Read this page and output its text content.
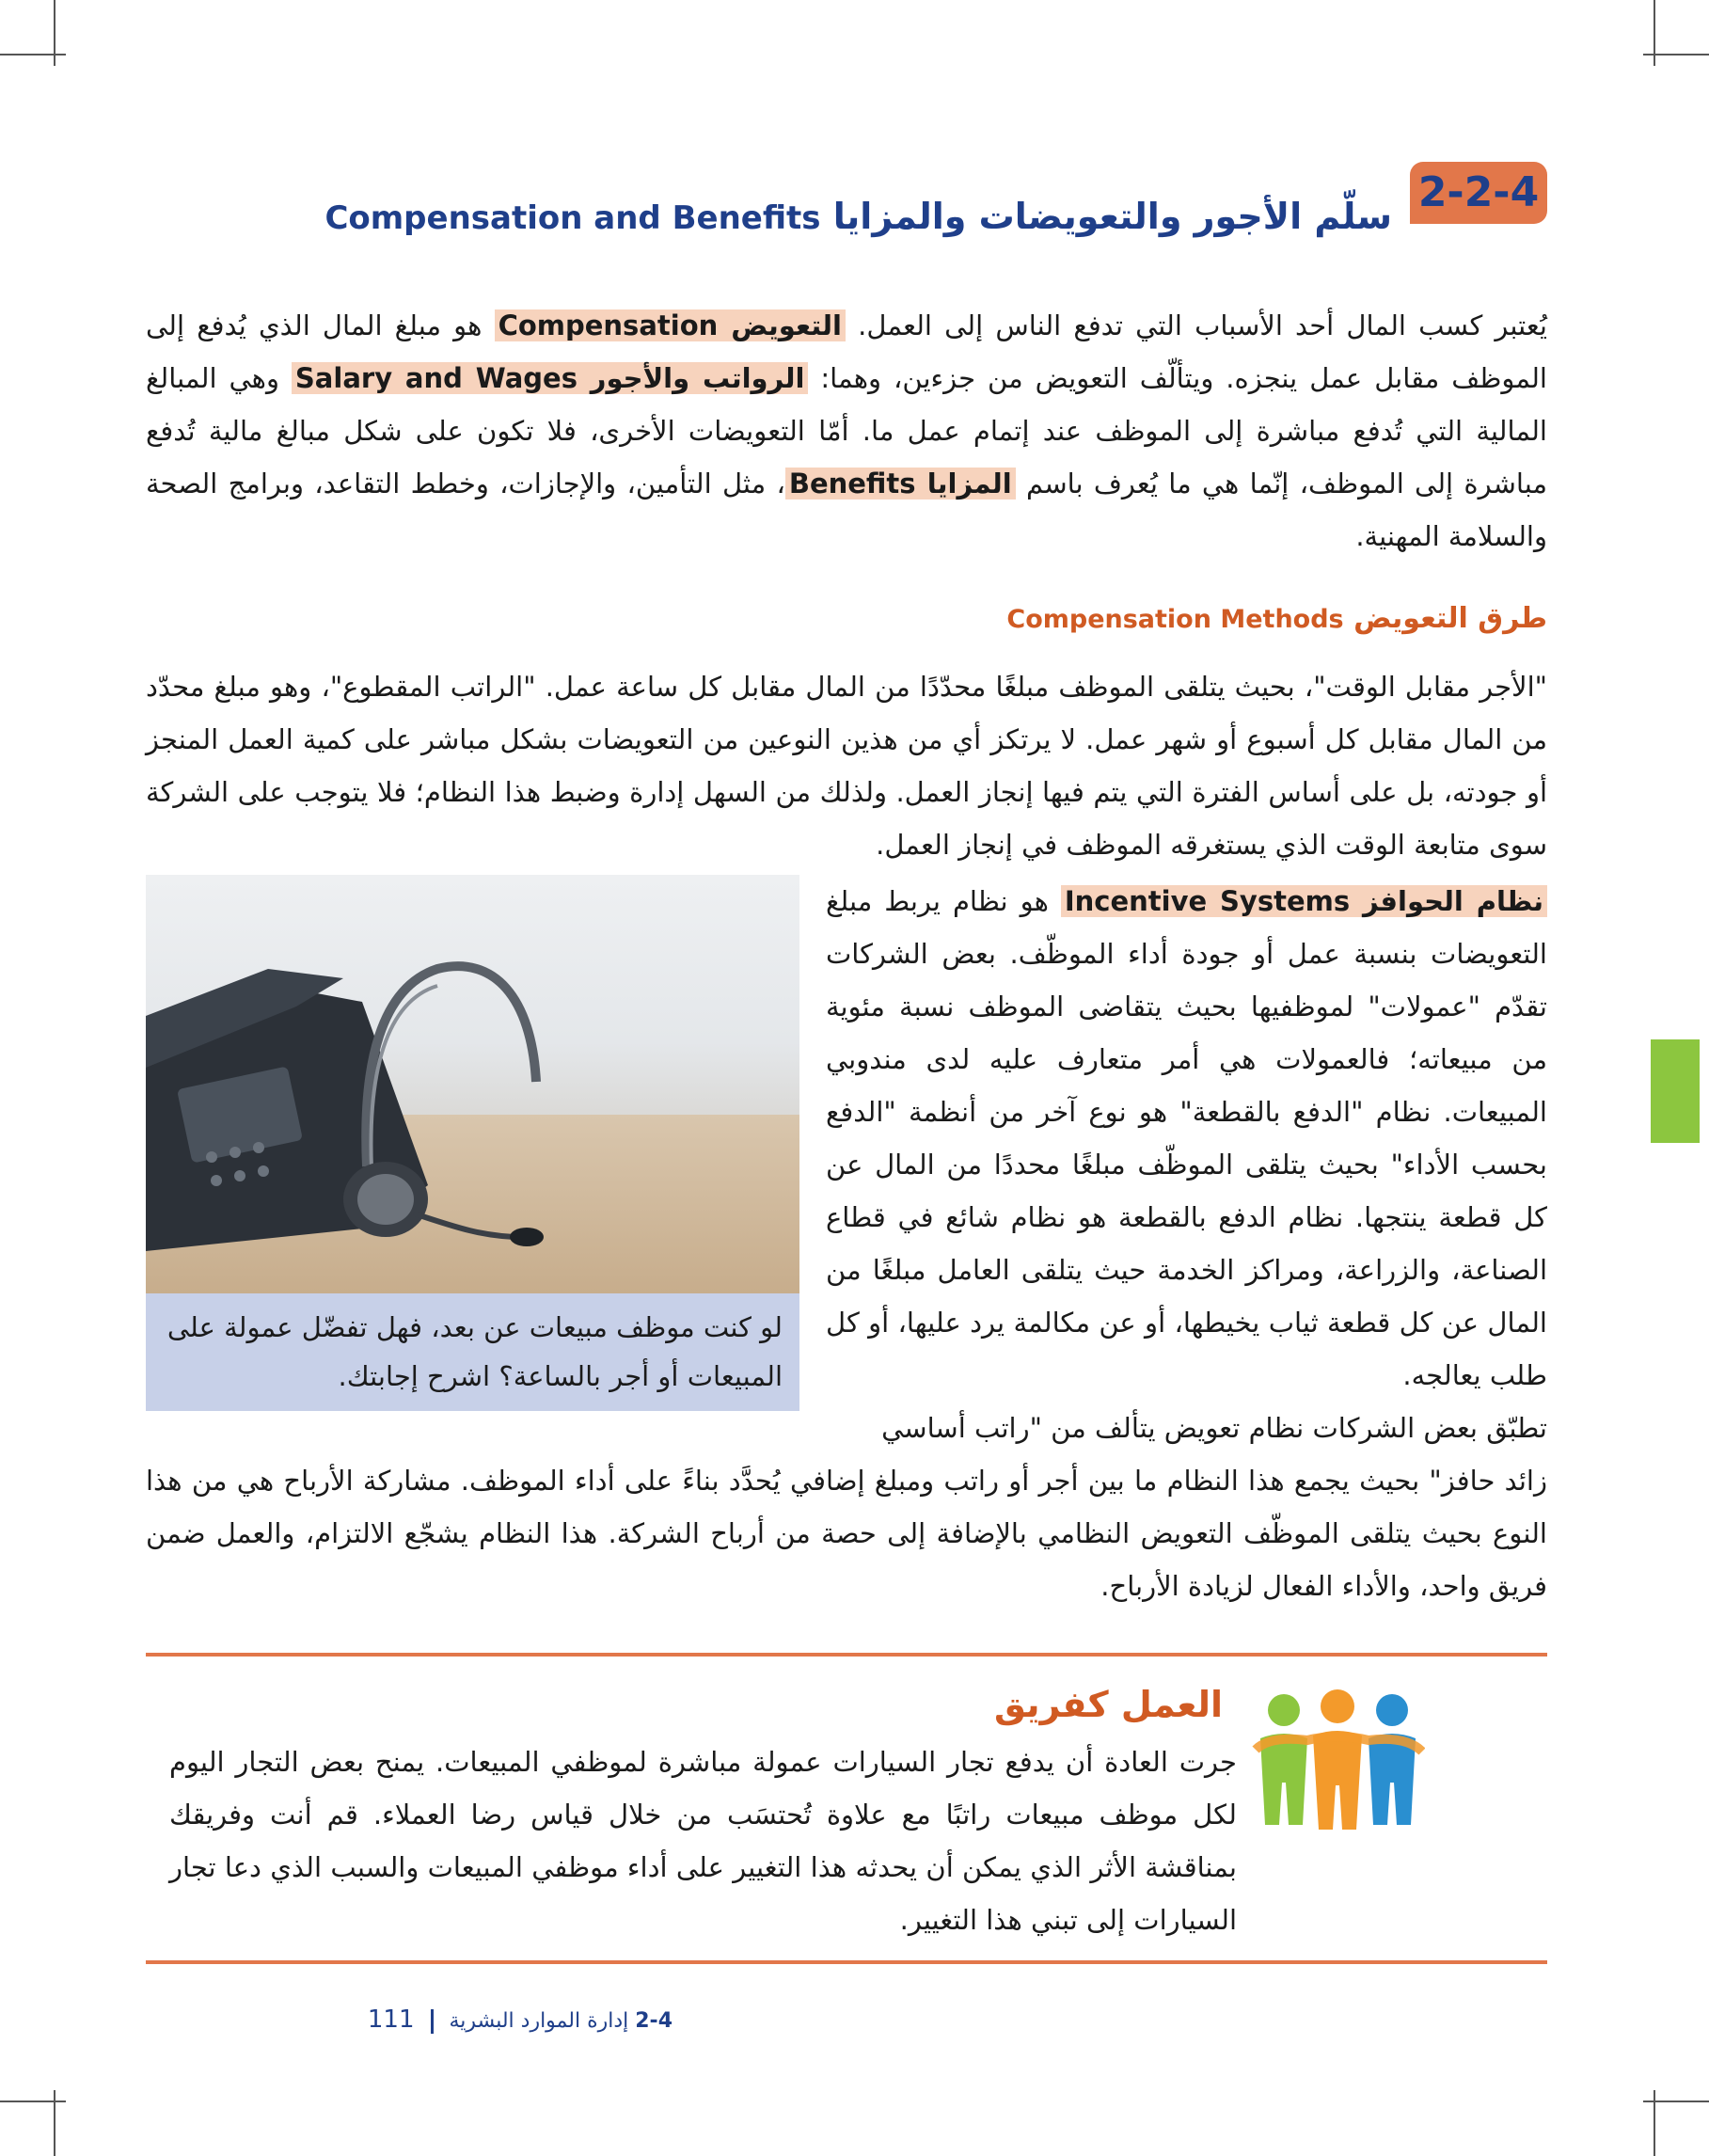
2-2-4
سلّم الأجور والتعويضات والمزايا Compensation and Benefits
يُعتبر كسب المال أحد الأسباب التي تدفع الناس إلى العمل. التعويض Compensation هو مبلغ المال الذي يُدفع إلى الموظف مقابل عمل ينجزه. ويتألّف التعويض من جزءين، وهما: الرواتب والأجور Salary and Wages وهي المبالغ المالية التي تُدفع مباشرة إلى الموظف عند إتمام عمل ما. أمّا التعويضات الأخرى، فلا تكون على شكل مبالغ مالية تُدفع مباشرة إلى الموظف، إنّما هي ما يُعرف باسم المزايا Benefits، مثل التأمين، والإجازات، وخطط التقاعد، وبرامج الصحة والسلامة المهنية.
طرق التعويض Compensation Methods
"الأجر مقابل الوقت"، بحيث يتلقى الموظف مبلغًا محدّدًا من المال مقابل كل ساعة عمل. "الراتب المقطوع"، وهو مبلغ محدّد من المال مقابل كل أسبوع أو شهر عمل. لا يرتكز أي من هذين النوعين من التعويضات بشكل مباشر على كمية العمل المنجز أو جودته، بل على أساس الفترة التي يتم فيها إنجاز العمل. ولذلك من السهل إدارة وضبط هذا النظام؛ فلا يتوجب على الشركة سوى متابعة الوقت الذي يستغرقه الموظف في إنجاز العمل.
لو كنت موظف مبيعات عن بعد، فهل تفضّل عمولة على المبيعات أو أجر بالساعة؟ اشرح إجابتك.
نظام الحوافز Incentive Systems هو نظام يربط مبلغ التعويضات بنسبة عمل أو جودة أداء الموظّف. بعض الشركات تقدّم "عمولات" لموظفيها بحيث يتقاضى الموظف نسبة مئوية من مبيعاته؛ فالعمولات هي أمر متعارف عليه لدى مندوبي المبيعات. نظام "الدفع بالقطعة" هو نوع آخر من أنظمة "الدفع بحسب الأداء" بحيث يتلقى الموظّف مبلغًا محددًا من المال عن كل قطعة ينتجها. نظام الدفع بالقطعة هو نظام شائع في قطاع الصناعة، والزراعة، ومراكز الخدمة حيث يتلقى العامل مبلغًا من المال عن كل قطعة ثياب يخيطها، أو عن مكالمة يرد عليها، أو كل طلب يعالجه.
تطبّق بعض الشركات نظام تعويض يتألف من "راتب أساسي
زائد حافز" بحيث يجمع هذا النظام ما بين أجر أو راتب ومبلغ إضافي يُحدَّد بناءً على أداء الموظف. مشاركة الأرباح هي من هذا النوع بحيث يتلقى الموظّف التعويض النظامي بالإضافة إلى حصة من أرباح الشركة. هذا النظام يشجّع الالتزام، والعمل ضمن فريق واحد، والأداء الفعال لزيادة الأرباح.
العمل كفريق
جرت العادة أن يدفع تجار السيارات عمولة مباشرة لموظفي المبيعات. يمنح بعض التجار اليوم لكل موظف مبيعات راتبًا مع علاوة تُحتسَب من خلال قياس رضا العملاء. قم أنت وفريقك بمناقشة الأثر الذي يمكن أن يحدثه هذا التغيير على أداء موظفي المبيعات والسبب الذي دعا تجار السيارات إلى تبني هذا التغيير.
2-4 إدارة الموارد البشرية  111
